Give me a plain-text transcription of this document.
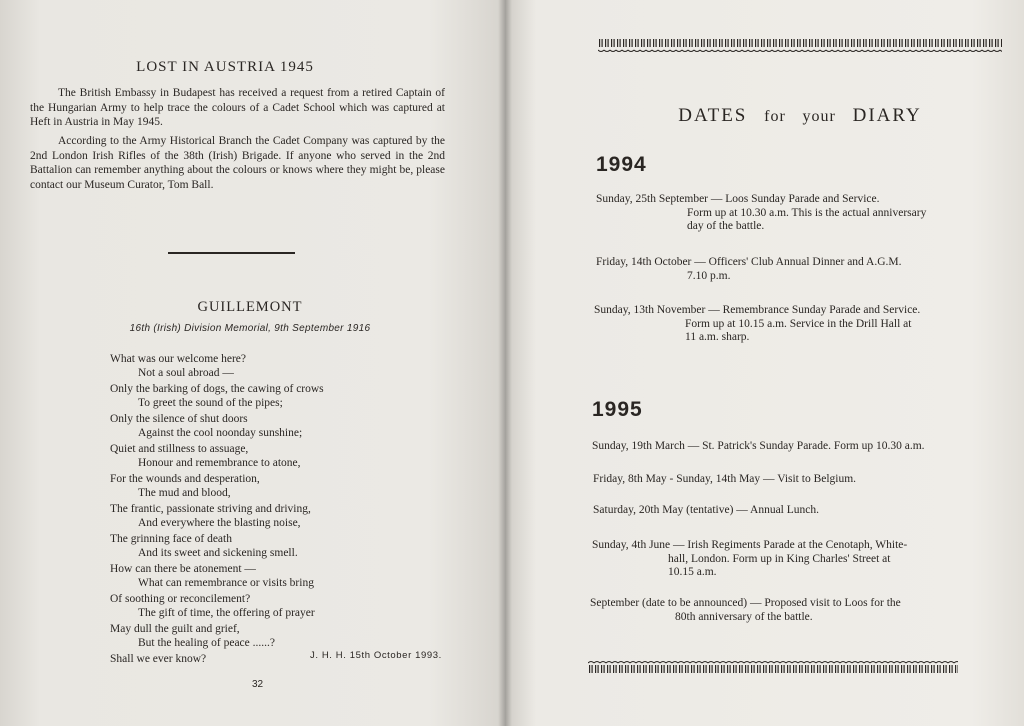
LOST IN AUSTRIA 1945
The British Embassy in Budapest has received a request from a retired Captain of the Hungarian Army to help trace the colours of a Cadet School which was captured at Heft in Austria in May 1945.
According to the Army Historical Branch the Cadet Company was captured by the 2nd London Irish Rifles of the 38th (Irish) Brigade. If anyone who served in the 2nd Battalion can remember anything about the colours or knows where they might be, please contact our Museum Curator, Tom Ball.
GUILLEMONT
16th (Irish) Division Memorial, 9th September 1916
What was our welcome here?
Not a soul abroad —
Only the barking of dogs, the cawing of crows
To greet the sound of the pipes;
Only the silence of shut doors
Against the cool noonday sunshine;
Quiet and stillness to assuage,
Honour and remembrance to atone,
For the wounds and desperation,
The mud and blood,
The frantic, passionate striving and driving,
And everywhere the blasting noise,
The grinning face of death
And its sweet and sickening smell.
How can there be atonement —
What can remembrance or visits bring
Of soothing or reconcilement?
The gift of time, the offering of prayer
May dull the guilt and grief,
But the healing of peace ......?
Shall we ever know?	J. H. H. 15th October 1993.
32
DATES for your DIARY
1994
Sunday, 25th September — Loos Sunday Parade and Service.
Form up at 10.30 a.m. This is the actual anniversary
day of the battle.
Friday, 14th October — Officers' Club Annual Dinner and A.G.M.
7.10 p.m.
Sunday, 13th November — Remembrance Sunday Parade and Service.
Form up at 10.15 a.m. Service in the Drill Hall at
11 a.m. sharp.
1995
Sunday, 19th March — St. Patrick's Sunday Parade. Form up 10.30 a.m.
Friday, 8th May - Sunday, 14th May — Visit to Belgium.
Saturday, 20th May (tentative) — Annual Lunch.
Sunday, 4th June — Irish Regiments Parade at the Cenotaph, White-
hall, London. Form up in King Charles' Street at
10.15 a.m.
September (date to be announced) — Proposed visit to Loos for the
80th anniversary of the battle.
